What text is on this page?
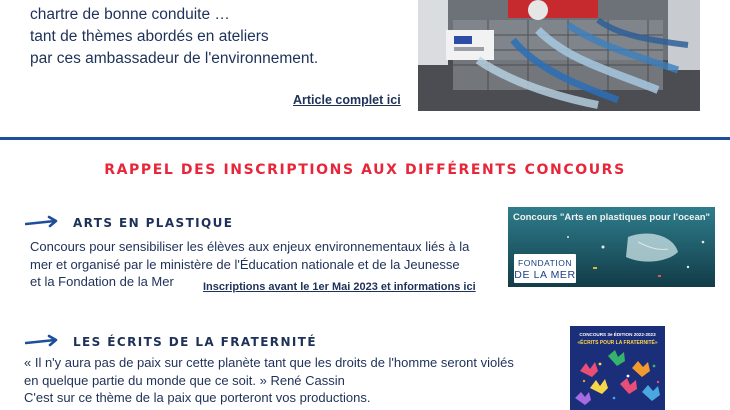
chartre de bonne conduite …
tant de thèmes abordés en ateliers
par ces ambassadeur de l'environnement.
Article complet ici
RAPPEL DES INSCRIPTIONS AUX DIFFÉRENTS CONCOURS
ARTS EN PLASTIQUE
Concours pour sensibiliser les élèves aux enjeux environnementaux liés à la
mer et organisé par le ministère de l'Éducation nationale et de la Jeunesse
et la Fondation de la Mer	Inscriptions avant le 1er Mai 2023 et informations ici
Concours "Arts en plastiques pour l'ocean"
FONDATION
DE LA MER
LES ÉCRITS DE LA FRATERNITÉ
« Il n'y aura pas de paix sur cette planète tant que les droits de l'homme seront violés
en quelque partie du monde que ce soit. » René Cassin
C'est sur ce thème de la paix que porteront vos productions.
CONCOURS 3e ÉDITION 2022-2023
«ÉCRITS POUR LA FRATERNITÉ»
